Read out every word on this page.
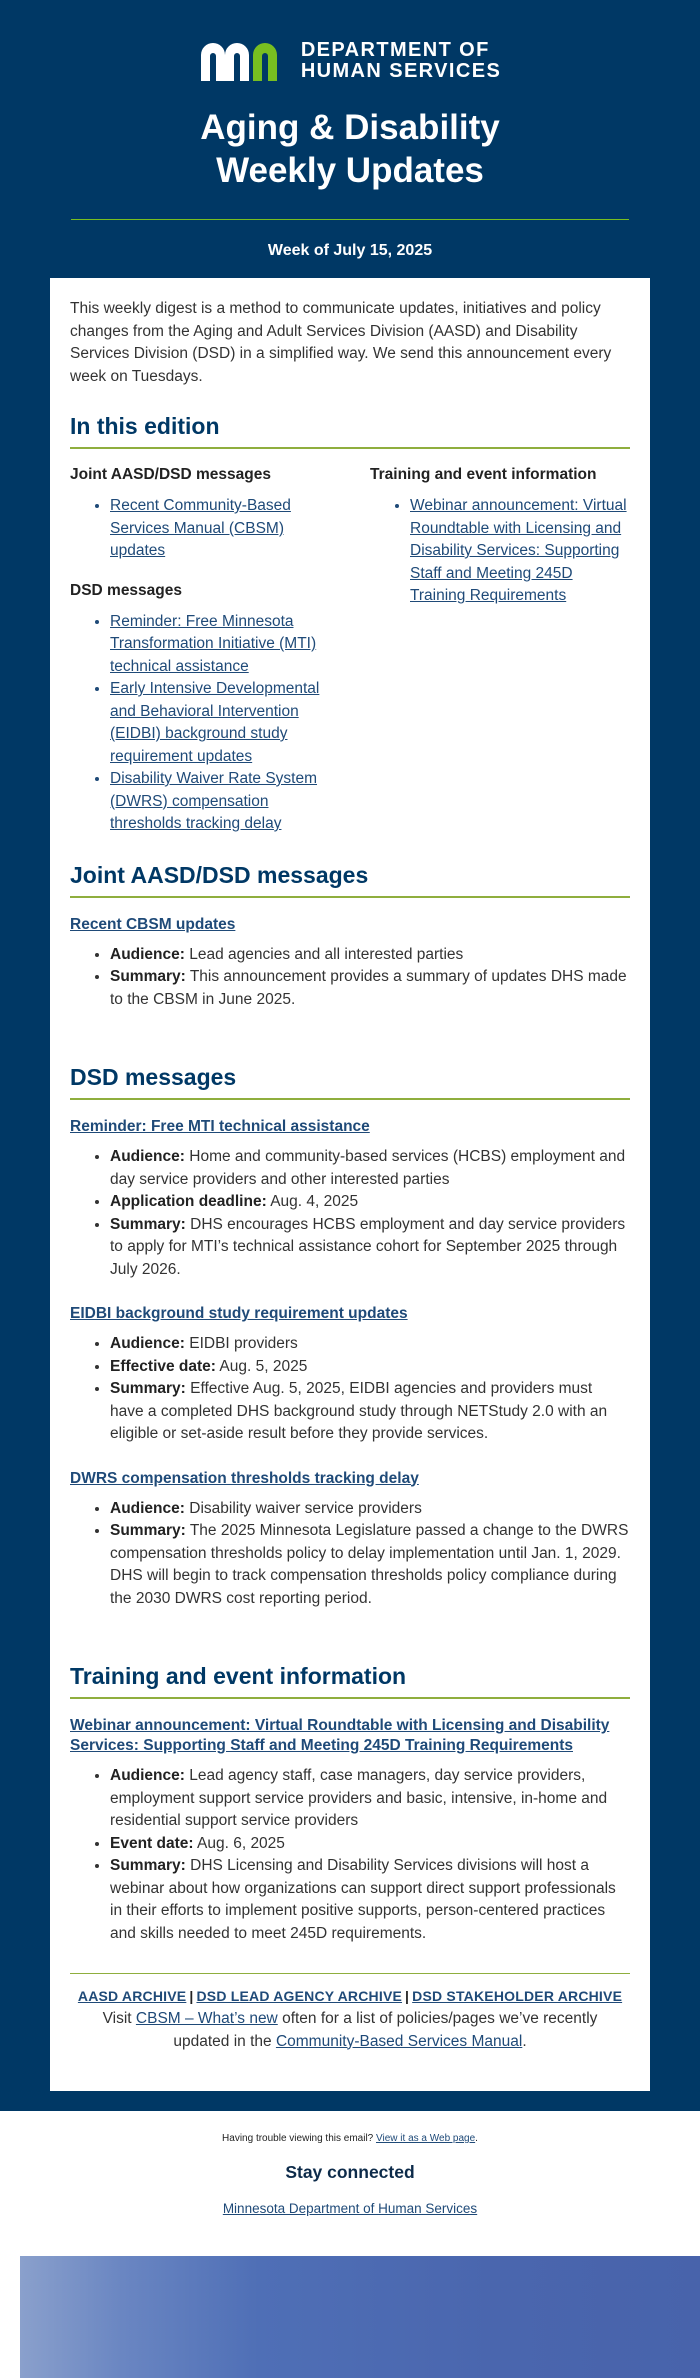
DEPARTMENT OF
HUMAN SERVICES
Aging & Disability
Weekly Updates
Week of July 15, 2025

This weekly digest is a method to communicate updates, initiatives and policy changes from the Aging and Adult Services Division (AASD) and Disability Services Division (DSD) in a simplified way. We send this announcement every week on Tuesdays.

In this edition
Joint AASD/DSD messages
• Recent Community-Based Services Manual (CBSM) updates
DSD messages
• Reminder: Free Minnesota Transformation Initiative (MTI) technical assistance
• Early Intensive Developmental and Behavioral Intervention (EIDBI) background study requirement updates
• Disability Waiver Rate System (DWRS) compensation thresholds tracking delay
Training and event information
• Webinar announcement: Virtual Roundtable with Licensing and Disability Services: Supporting Staff and Meeting 245D Training Requirements
Joint AASD/DSD messages
Recent CBSM updates
• Audience: Lead agencies and all interested parties
• Summary: This announcement provides a summary of updates DHS made to the CBSM in June 2025.
DSD messages
Reminder: Free MTI technical assistance
• Audience: Home and community-based services (HCBS) employment and day service providers and other interested parties
• Application deadline: Aug. 4, 2025
• Summary: DHS encourages HCBS employment and day service providers to apply for MTI’s technical assistance cohort for September 2025 through July 2026.
EIDBI background study requirement updates
• Audience: EIDBI providers
• Effective date: Aug. 5, 2025
• Summary: Effective Aug. 5, 2025, EIDBI agencies and providers must have a completed DHS background study through NETStudy 2.0 with an eligible or set-aside result before they provide services.
DWRS compensation thresholds tracking delay
• Audience: Disability waiver service providers
• Summary: The 2025 Minnesota Legislature passed a change to the DWRS compensation thresholds policy to delay implementation until Jan. 1, 2029. DHS will begin to track compensation thresholds policy compliance during the 2030 DWRS cost reporting period.
Training and event information
Webinar announcement: Virtual Roundtable with Licensing and Disability Services: Supporting Staff and Meeting 245D Training Requirements
• Audience: Lead agency staff, case managers, day service providers, employment support service providers and basic, intensive, in-home and residential support service providers
• Event date: Aug. 6, 2025
• Summary: DHS Licensing and Disability Services divisions will host a webinar about how organizations can support direct support professionals in their efforts to implement positive supports, person-centered practices and skills needed to meet 245D requirements.
AASD ARCHIVE | DSD LEAD AGENCY ARCHIVE | DSD STAKEHOLDER ARCHIVE

Visit CBSM – What’s new often for a list of policies/pages we’ve recently updated in the Community-Based Services Manual.

Having trouble viewing this email? View it as a Web page.

Stay connected

Minnesota Department of Human Services
